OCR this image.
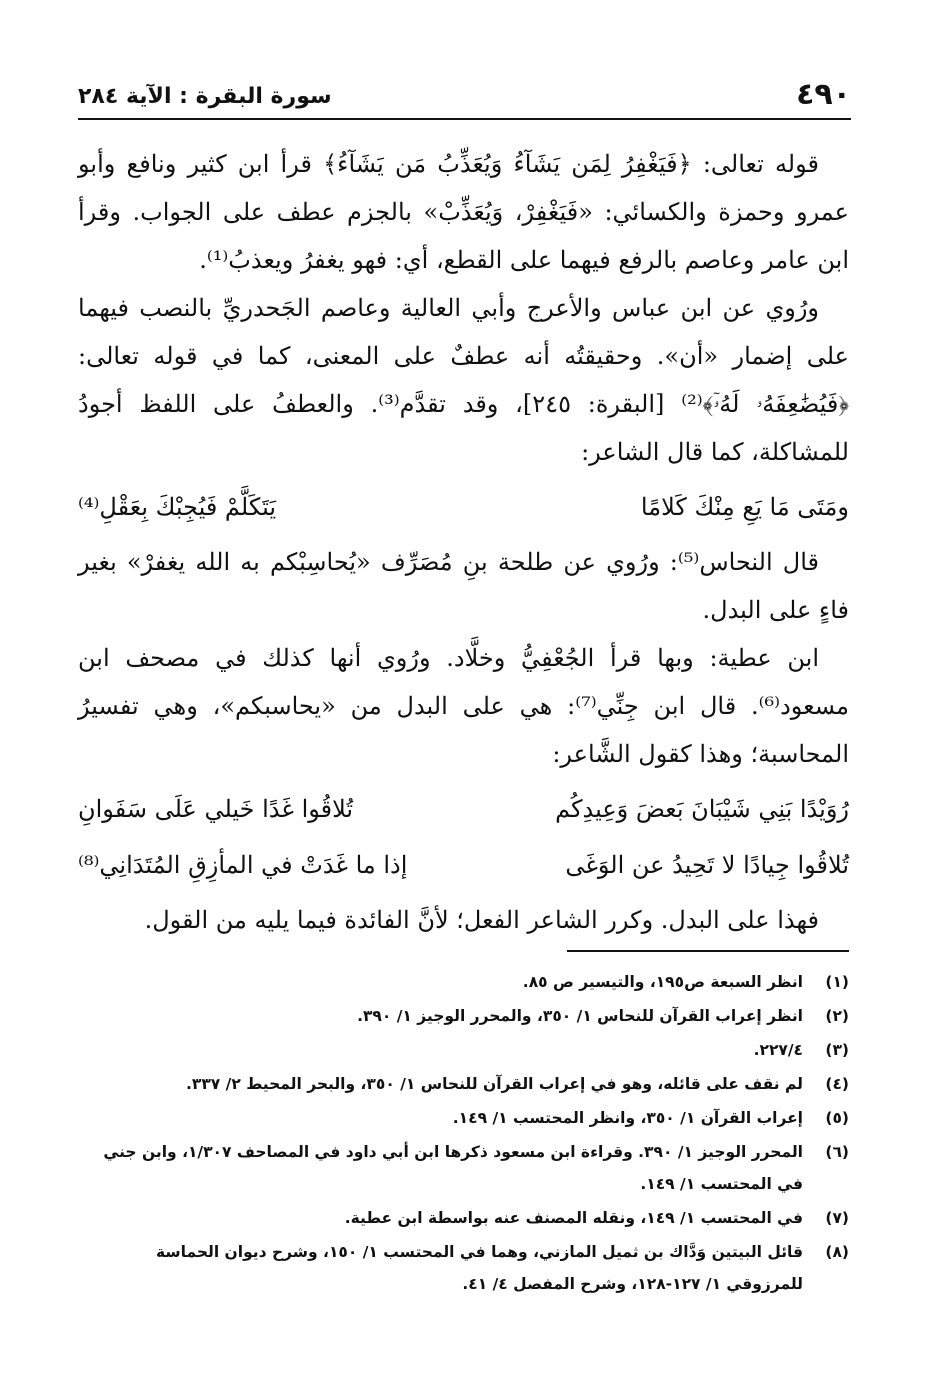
٤٩٠
سورة البقرة : الآية ٢٨٤

قوله تعالى: ﴿فَيَغْفِرُ لِمَن يَشَآءُ وَيُعَذِّبُ مَن يَشَآءُ﴾ قرأ ابن كثير ونافع وأبو عمرو وحمزة والكسائي: «فَيَغْفِرْ، وَيُعَذِّبْ» بالجزم عطف على الجواب. وقرأ ابن عامر وعاصم بالرفع فيهما على القطع، أي: فهو يغفرُ ويعذبُ⁽¹⁾.

ورُوي عن ابن عباس والأعرج وأبي العالية وعاصم الجَحدريِّ بالنصب فيهما على إضمار «أن». وحقيقتُه أنه عطفٌ على المعنى، كما في قوله تعالى: ﴿فَيُضَٰعِفَهُۥ لَهُۥٓ﴾⁽²⁾ [البقرة: ٢٤٥]، وقد تقدَّم⁽³⁾. والعطفُ على اللفظ أجودُ للمشاكلة، كما قال الشاعر:

ومَتَى مَا يَعِ مِنْكَ كَلامًا
يَتَكَلَّمْ فَيُجِبْكَ بِعَقْلِ⁽⁴⁾

قال النحاس⁽⁵⁾: ورُوي عن طلحة بنِ مُصَرِّف «يُحاسِبْكم به الله يغفرْ» بغير فاءٍ على البدل.

ابن عطية: وبها قرأ الجُعْفِيُّ وخلَّاد. ورُوي أنها كذلك في مصحف ابن مسعود⁽⁶⁾. قال ابن جِنِّي⁽⁷⁾: هي على البدل من «يحاسبكم»، وهي تفسيرُ المحاسبة؛ وهذا كقول الشَّاعر:

رُوَيْدًا بَنِي شَيْبَانَ بَعضَ وَعِيدِكُم
تُلاقُوا غَدًا خَيلي عَلَى سَفَوانِ
تُلاقُوا جِيادًا لا تَحِيدُ عن الوَغَى
إذا ما غَدَتْ في المأزِقِ المُتَدَانِي⁽⁸⁾

فهذا على البدل. وكرر الشاعر الفعل؛ لأنَّ الفائدة فيما يليه من القول.

(١)
انظر السبعة ص١٩٥، والتيسير ص ٨٥.
(٢)
انظر إعراب القرآن للنحاس ١/ ٣٥٠، والمحرر الوجيز ١/ ٣٩٠.
(٣)
٢٢٧/٤.
(٤)
لم نقف على قائله، وهو في إعراب القرآن للنحاس ١/ ٣٥٠، والبحر المحيط ٢/ ٣٣٧.
(٥)
إعراب القرآن ١/ ٣٥٠، وانظر المحتسب ١/ ١٤٩.
(٦)
المحرر الوجيز ١/ ٣٩٠. وقراءة ابن مسعود ذكرها ابن أبي داود في المصاحف ١/٣٠٧، وابن جني في المحتسب ١/ ١٤٩.
(٧)
في المحتسب ١/ ١٤٩، ونقله المصنف عنه بواسطة ابن عطية.
(٨)
قائل البيتين وَدَّاك بن ثميل المازني، وهما في المحتسب ١/ ١٥٠، وشرح ديوان الحماسة للمرزوقي ١/ ١٢٧-١٢٨، وشرح المفصل ٤/ ٤١.
